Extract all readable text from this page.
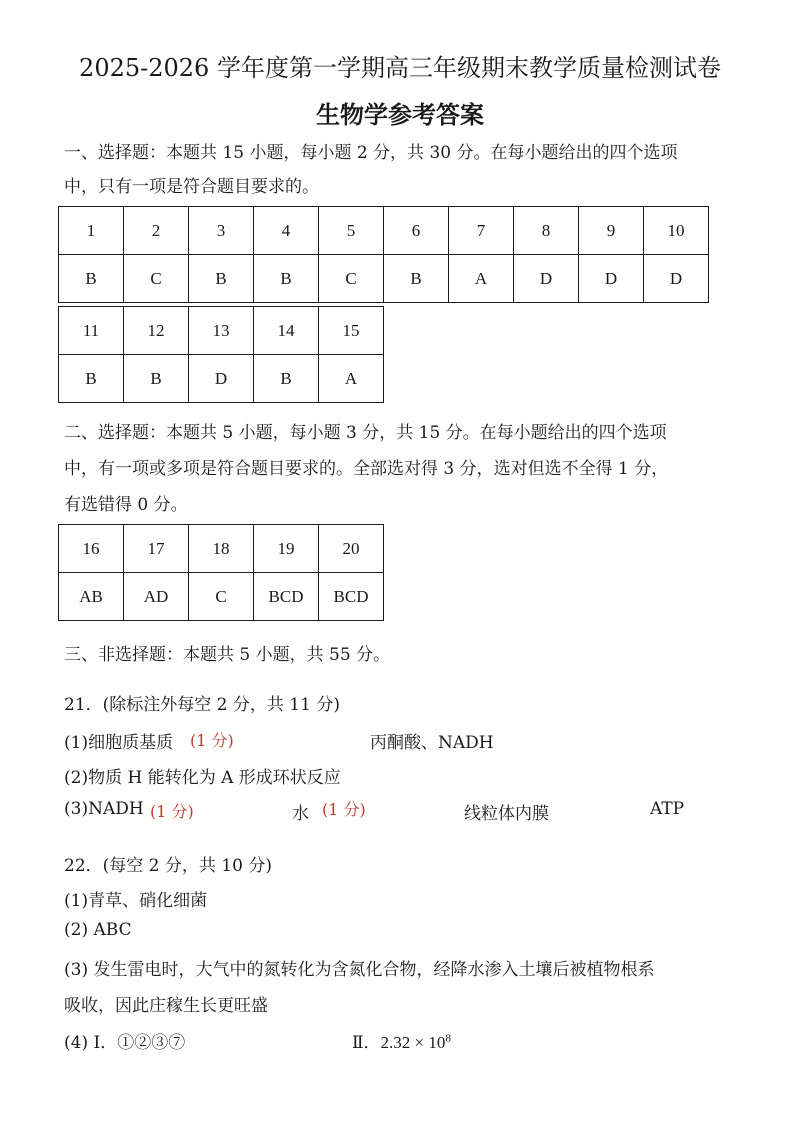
2025-2026 学年度第一学期高三年级期末教学质量检测试卷
生物学参考答案
一、选择题：本题共 15 小题，每小题 2 分，共 30 分。在每小题给出的四个选项
中，只有一项是符合题目要求的。
1	2	3	4	5	6	7	8	9	10
B	C	B	B	C	B	A	D	D	D
11	12	13	14	15
B	B	D	B	A
二、选择题：本题共 5 小题，每小题 3 分，共 15 分。在每小题给出的四个选项
中，有一项或多项是符合题目要求的。全部选对得 3 分，选对但选不全得 1 分，
有选错得 0 分。
16	17	18	19	20
AB	AD	C	BCD	BCD
三、非选择题：本题共 5 小题，共 55 分。
21．(除标注外每空 2 分，共 11 分)
(1)细胞质基质 (1 分)	丙酮酸、NADH
(2)物质 H 能转化为 A 形成环状反应
(3)NADH (1 分)	水 (1 分)	线粒体内膜	ATP
22．(每空 2 分，共 10 分)
(1)青草、硝化细菌
(2) ABC
(3) 发生雷电时，大气中的氮转化为含氮化合物，经降水渗入土壤后被植物根系
吸收，因此庄稼生长更旺盛
(4) Ⅰ．①②③⑦	Ⅱ．$2.32 \times 10^8$
